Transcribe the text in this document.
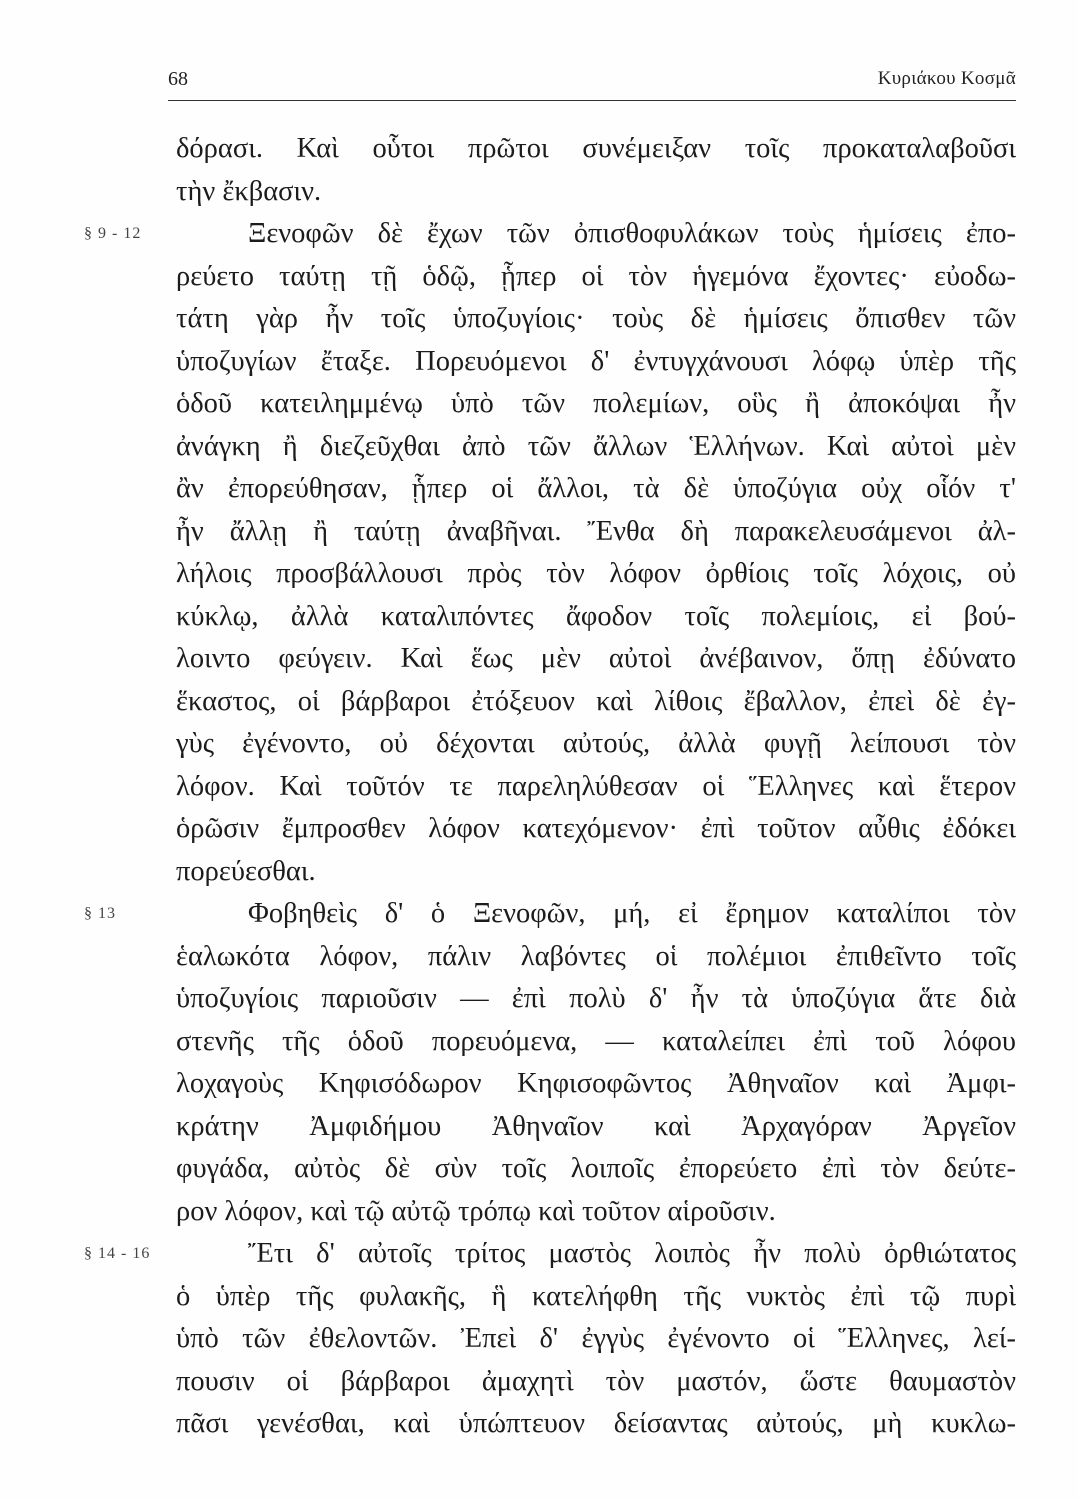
68	Κυριάκου Κοσμᾶ
δόρασι. Καὶ οὗτοι πρῶτοι συνέμειξαν τοῖς προκαταλαβοῦσι
τὴν ἔκβασιν.
§ 9 - 12	Ξενοφῶν δὲ ἔχων τῶν ὀπισθοφυλάκων τοὺς ἡμίσεις ἐπο-
ρεύετο ταύτῃ τῇ ὁδῷ, ᾗπερ οἱ τὸν ἡγεμόνα ἔχοντες· εὐοδω-
τάτη γὰρ ἦν τοῖς ὑποζυγίοις· τοὺς δὲ ἡμίσεις ὄπισθεν τῶν
ὑποζυγίων ἔταξε. Πορευόμενοι δ' ἐντυγχάνουσι λόφῳ ὑπὲρ τῆς
ὁδοῦ κατειλημμένῳ ὑπὸ τῶν πολεμίων, οὓς ἢ ἀποκόψαι ἦν
ἀνάγκη ἢ διεζεῦχθαι ἀπὸ τῶν ἄλλων Ἑλλήνων. Καὶ αὐτοὶ μὲν
ἂν ἐπορεύθησαν, ᾗπερ οἱ ἄλλοι, τὰ δὲ ὑποζύγια οὐχ οἷόν τ'
ἦν ἄλλῃ ἢ ταύτῃ ἀναβῆναι. Ἔνθα δὴ παρακελευσάμενοι ἀλ-
λήλοις προσβάλλουσι πρὸς τὸν λόφον ὀρθίοις τοῖς λόχοις, οὐ
κύκλῳ, ἀλλὰ καταλιπόντες ἄφοδον τοῖς πολεμίοις, εἰ βού-
λοιντο φεύγειν. Καὶ ἕως μὲν αὐτοὶ ἀνέβαινον, ὅπῃ ἐδύνατο
ἕκαστος, οἱ βάρβαροι ἐτόξευον καὶ λίθοις ἔβαλλον, ἐπεὶ δὲ ἐγ-
γὺς ἐγένοντο, οὐ δέχονται αὐτούς, ἀλλὰ φυγῇ λείπουσι τὸν
λόφον. Καὶ τοῦτόν τε παρεληλύθεσαν οἱ Ἕλληνες καὶ ἕτερον
ὁρῶσιν ἔμπροσθεν λόφον κατεχόμενον· ἐπὶ τοῦτον αὖθις ἐδόκει
πορεύεσθαι.
§ 13	Φοβηθεὶς δ' ὁ Ξενοφῶν, μή, εἰ ἔρημον καταλίποι τὸν
ἑαλωκότα λόφον, πάλιν λαβόντες οἱ πολέμιοι ἐπιθεῖντο τοῖς
ὑποζυγίοις παριοῦσιν — ἐπὶ πολὺ δ' ἦν τὰ ὑποζύγια ἅτε διὰ
στενῆς τῆς ὁδοῦ πορευόμενα, — καταλείπει ἐπὶ τοῦ λόφου
λοχαγοὺς Κηφισόδωρον Κηφισοφῶντος Ἀθηναῖον καὶ Ἀμφι-
κράτην Ἀμφιδήμου Ἀθηναῖον καὶ Ἀρχαγόραν Ἀργεῖον
φυγάδα, αὐτὸς δὲ σὺν τοῖς λοιποῖς ἐπορεύετο ἐπὶ τὸν δεύτε-
ρον λόφον, καὶ τῷ αὐτῷ τρόπῳ καὶ τοῦτον αἱροῦσιν.
§ 14 - 16	Ἔτι δ' αὐτοῖς τρίτος μαστὸς λοιπὸς ἦν πολὺ ὀρθιώτατος
ὁ ὑπὲρ τῆς φυλακῆς, ἣ κατελήφθη τῆς νυκτὸς ἐπὶ τῷ πυρὶ
ὑπὸ τῶν ἐθελοντῶν. Ἐπεὶ δ' ἐγγὺς ἐγένοντο οἱ Ἕλληνες, λεί-
πουσιν οἱ βάρβαροι ἀμαχητὶ τὸν μαστόν, ὥστε θαυμαστὸν
πᾶσι γενέσθαι, καὶ ὑπώπτευον δείσαντας αὐτούς, μὴ κυκλω-
